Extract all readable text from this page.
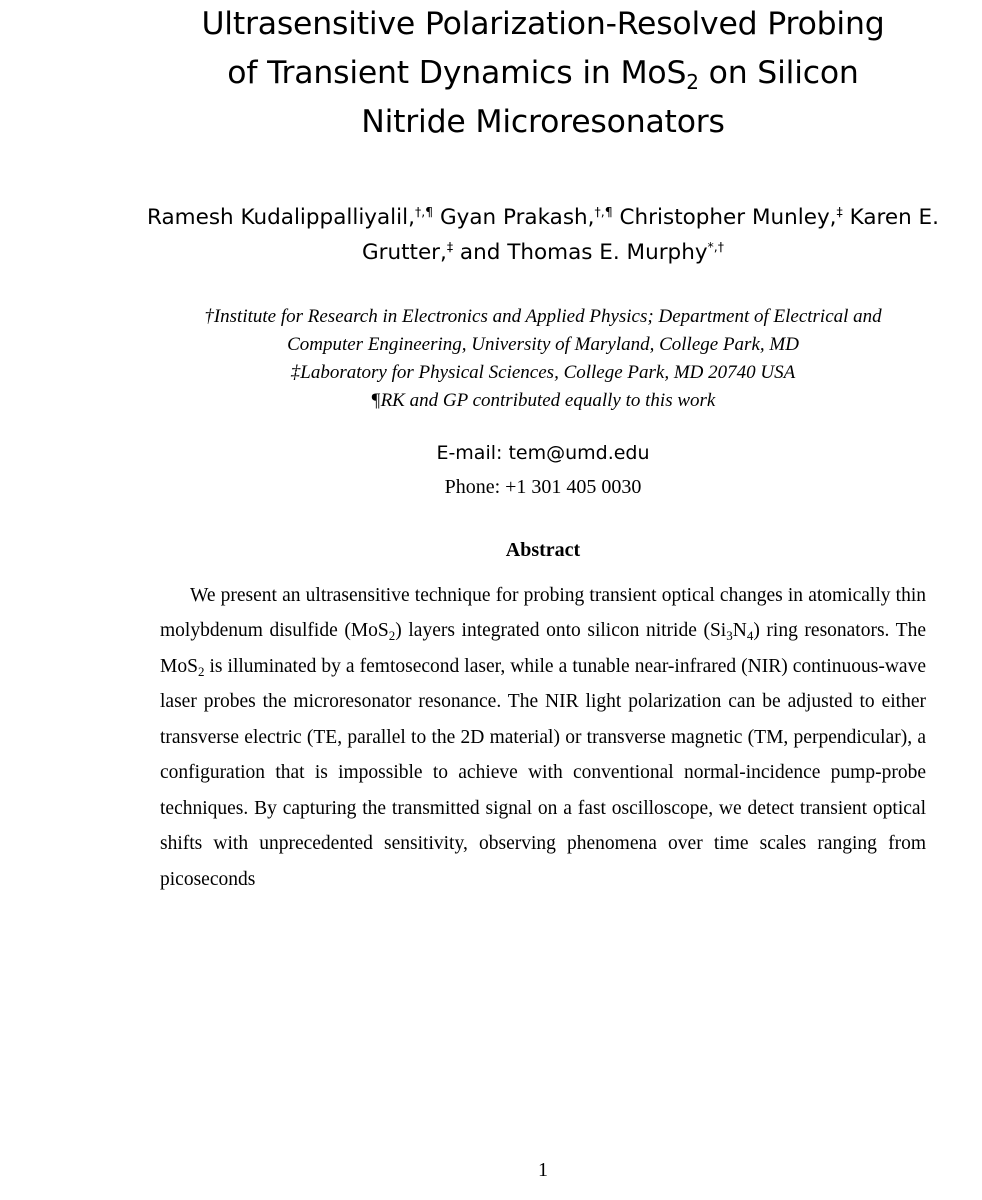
Ultrasensitive Polarization-Resolved Probing
of Transient Dynamics in MoS$_2$ on Silicon
Nitride Microresonators
Ramesh Kudalippalliyalil,†,¶ Gyan Prakash,†,¶ Christopher Munley,‡ Karen E.
Grutter,‡ and Thomas E. Murphy*,†
†Institute for Research in Electronics and Applied Physics; Department of Electrical and
Computer Engineering, University of Maryland, College Park, MD
‡Laboratory for Physical Sciences, College Park, MD 20740 USA
¶RK and GP contributed equally to this work
E-mail: tem@umd.edu
Phone: +1 301 405 0030
Abstract
We present an ultrasensitive technique for probing transient optical changes in atomically thin molybdenum disulfide (MoS$_2$) layers integrated onto silicon nitride $(Si_3N_4)$ ring resonators. The MoS$_2$ is illuminated by a femtosecond laser, while a tunable near-infrared (NIR) continuous-wave laser probes the microresonator resonance. The NIR light polarization can be adjusted to either transverse electric (TE, parallel to the 2D material) or transverse magnetic (TM, perpendicular), a configuration that is impossible to achieve with conventional normal-incidence pump-probe techniques. By capturing the transmitted signal on a fast oscilloscope, we detect transient optical shifts with unprecedented sensitivity, observing phenomena over time scales ranging from picoseconds
1
